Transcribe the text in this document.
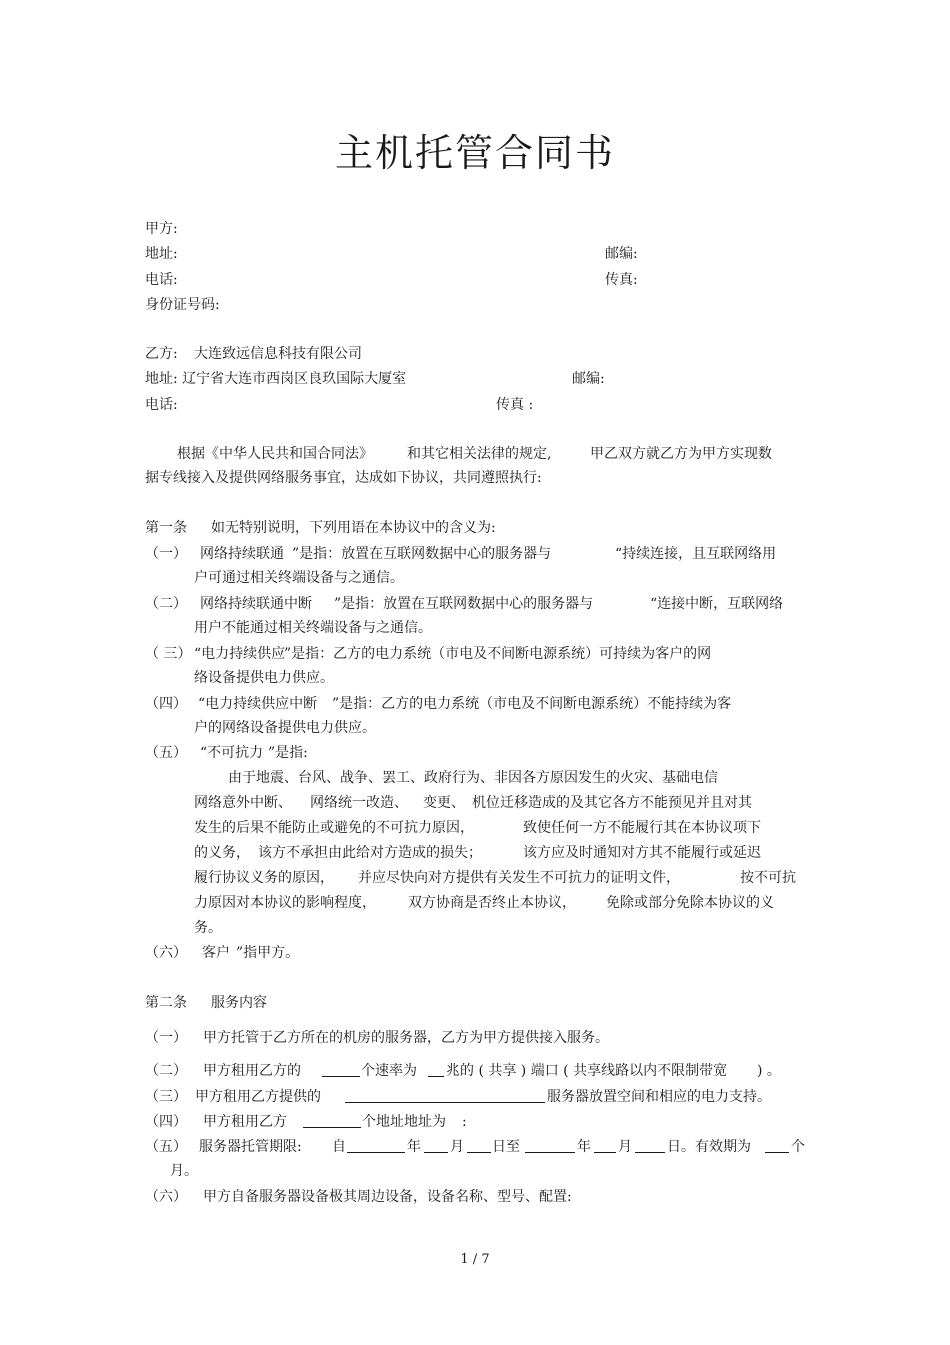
主机托管合同书
甲方:
地址:	邮编:
电话:	传真:
身份证号码:
乙方: 大连致远信息科技有限公司
地址: 辽宁省大连市西岗区良玖国际大厦室	邮编:
电话:	传真 :
根据《中华人民共和国合同法》 和其它相关法律的规定,	甲乙双方就乙方为甲方实现数
据专线接入及提供网络服务事宜，达成如下协议，共同遵照执行:
第一条 如无特别说明，下列用语在本协议中的含义为:
（一） 网络持续联通 ”是指：放置在互联网数据中心的服务器与	“持续连接，且互联网络用
户可通过相关终端设备与之通信。
（二） 网络持续联通中断 ”是指：放置在互联网数据中心的服务器与	“连接中断，互联网络
用户不能通过相关终端设备与之通信。
（ 三） “电力持续供应
”是指：乙方的电力系统（市电及不间断电源系统）可持续为客户的网
络设备提供电力供应。
（四） “电力持续供应中断 ”是指：乙方的电力系统（市电及不间断电源系统）不能持续为客
户的网络设备提供电力供应。
（五） “不可抗力 ”是指:
由于地震、台风、战争、罢工、政府行为、非因各方原因发生的火灾、基础电信
网络意外中断、 网络统一改造、 变更、 机位迁移造成的及其它各方不能预见并且对其
发生的后果不能防止或避免的不可抗力原因，	致使任何一方不能履行其在本协议项下
的义务， 该方不承担由此给对方造成的损失；	该方应及时通知对方其不能履行或延迟
履行协议义务的原因， 并应尽快向对方提供有关发生不可抗力的证明文件，	按不可抗
力原因对本协议的影响程度， 双方协商是否终止本协议， 免除或部分免除本协议的义
务。
（六） 客户 ”指甲方。
第二条 服务内容
（一） 甲方托管于乙方所在的机房的服务器，乙方为甲方提供接入服务。
（二） 甲方租用乙方的	个速率为 兆的 ( 共享 ) 端口 ( 共享线路以内不限制带宽 ) 。
（三） 甲方租用乙方提供的	服务器放置空间和相应的电力支持。
（四） 甲方租用乙方	个地址地址为 :
（五） 服务器托管期限: 自	年 月 日至	年 月	日。有效期为	个
月。
（六） 甲方自备服务器设备极其周边设备，设备名称、型号、配置:
1 / 7
